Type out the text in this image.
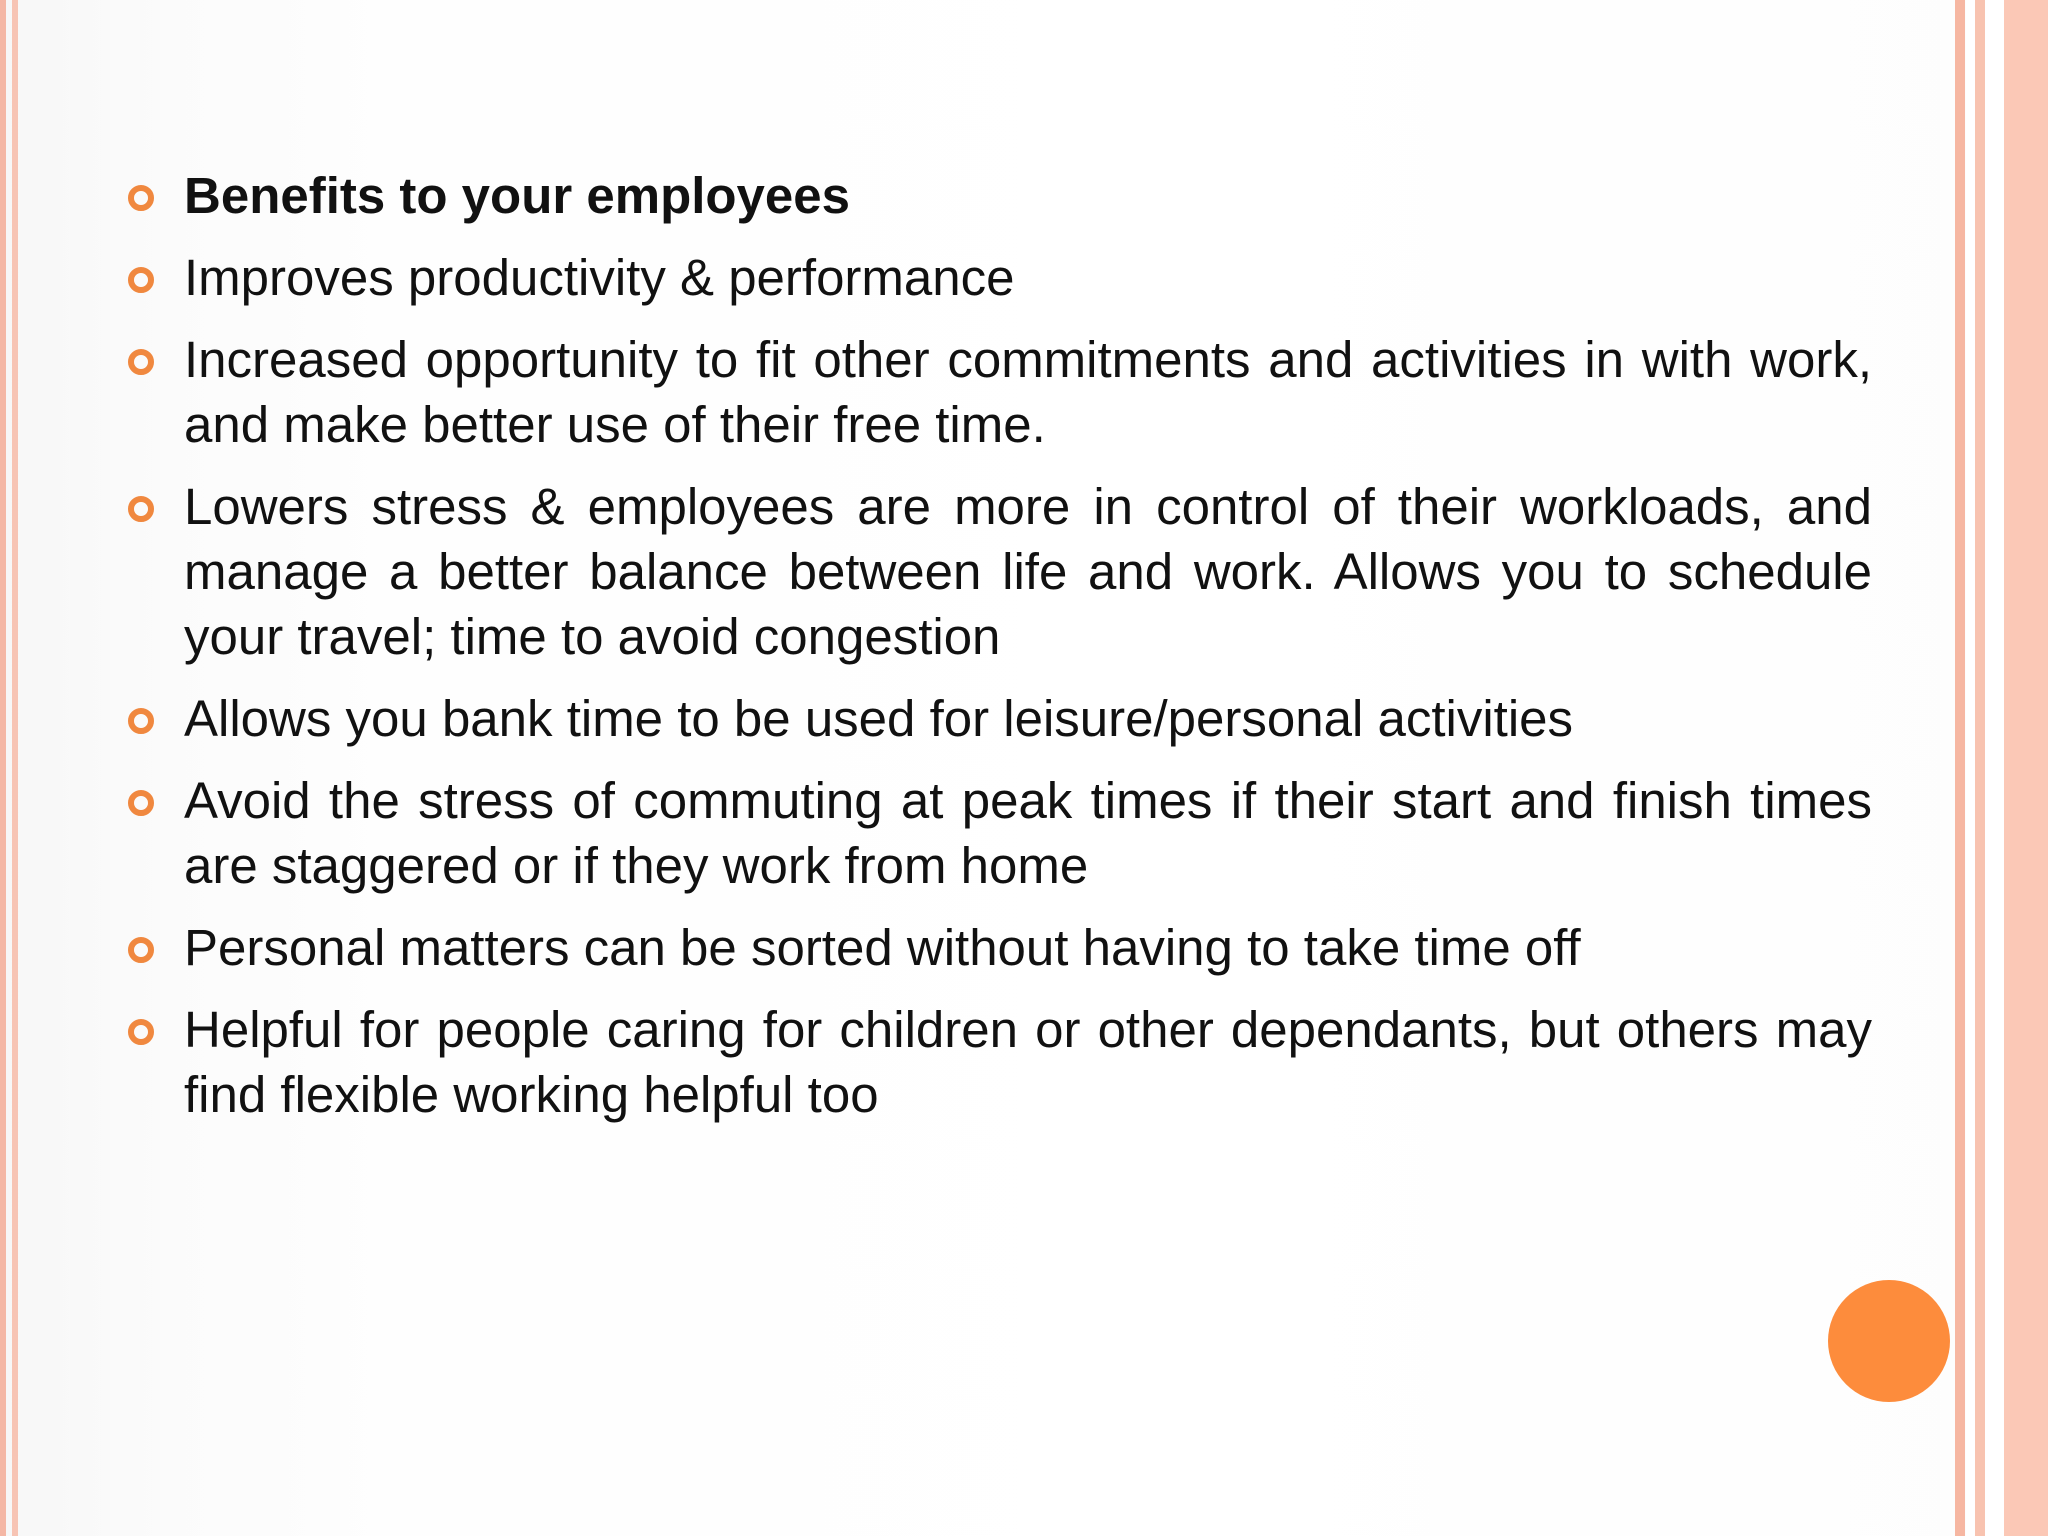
Benefits to your employees
Improves productivity & performance
Increased opportunity to fit other commitments and activities in with work, and make better use of their free time.
Lowers stress & employees are more in control of their workloads, and manage a better balance between life and work. Allows you to schedule your travel; time to avoid congestion
Allows you bank time to be used for leisure/personal activities
Avoid the stress of commuting at peak times if their start and finish times are staggered or if they work from home
Personal matters can be sorted without having to take time off
Helpful for people caring for children or other dependants, but others may find flexible working helpful too
